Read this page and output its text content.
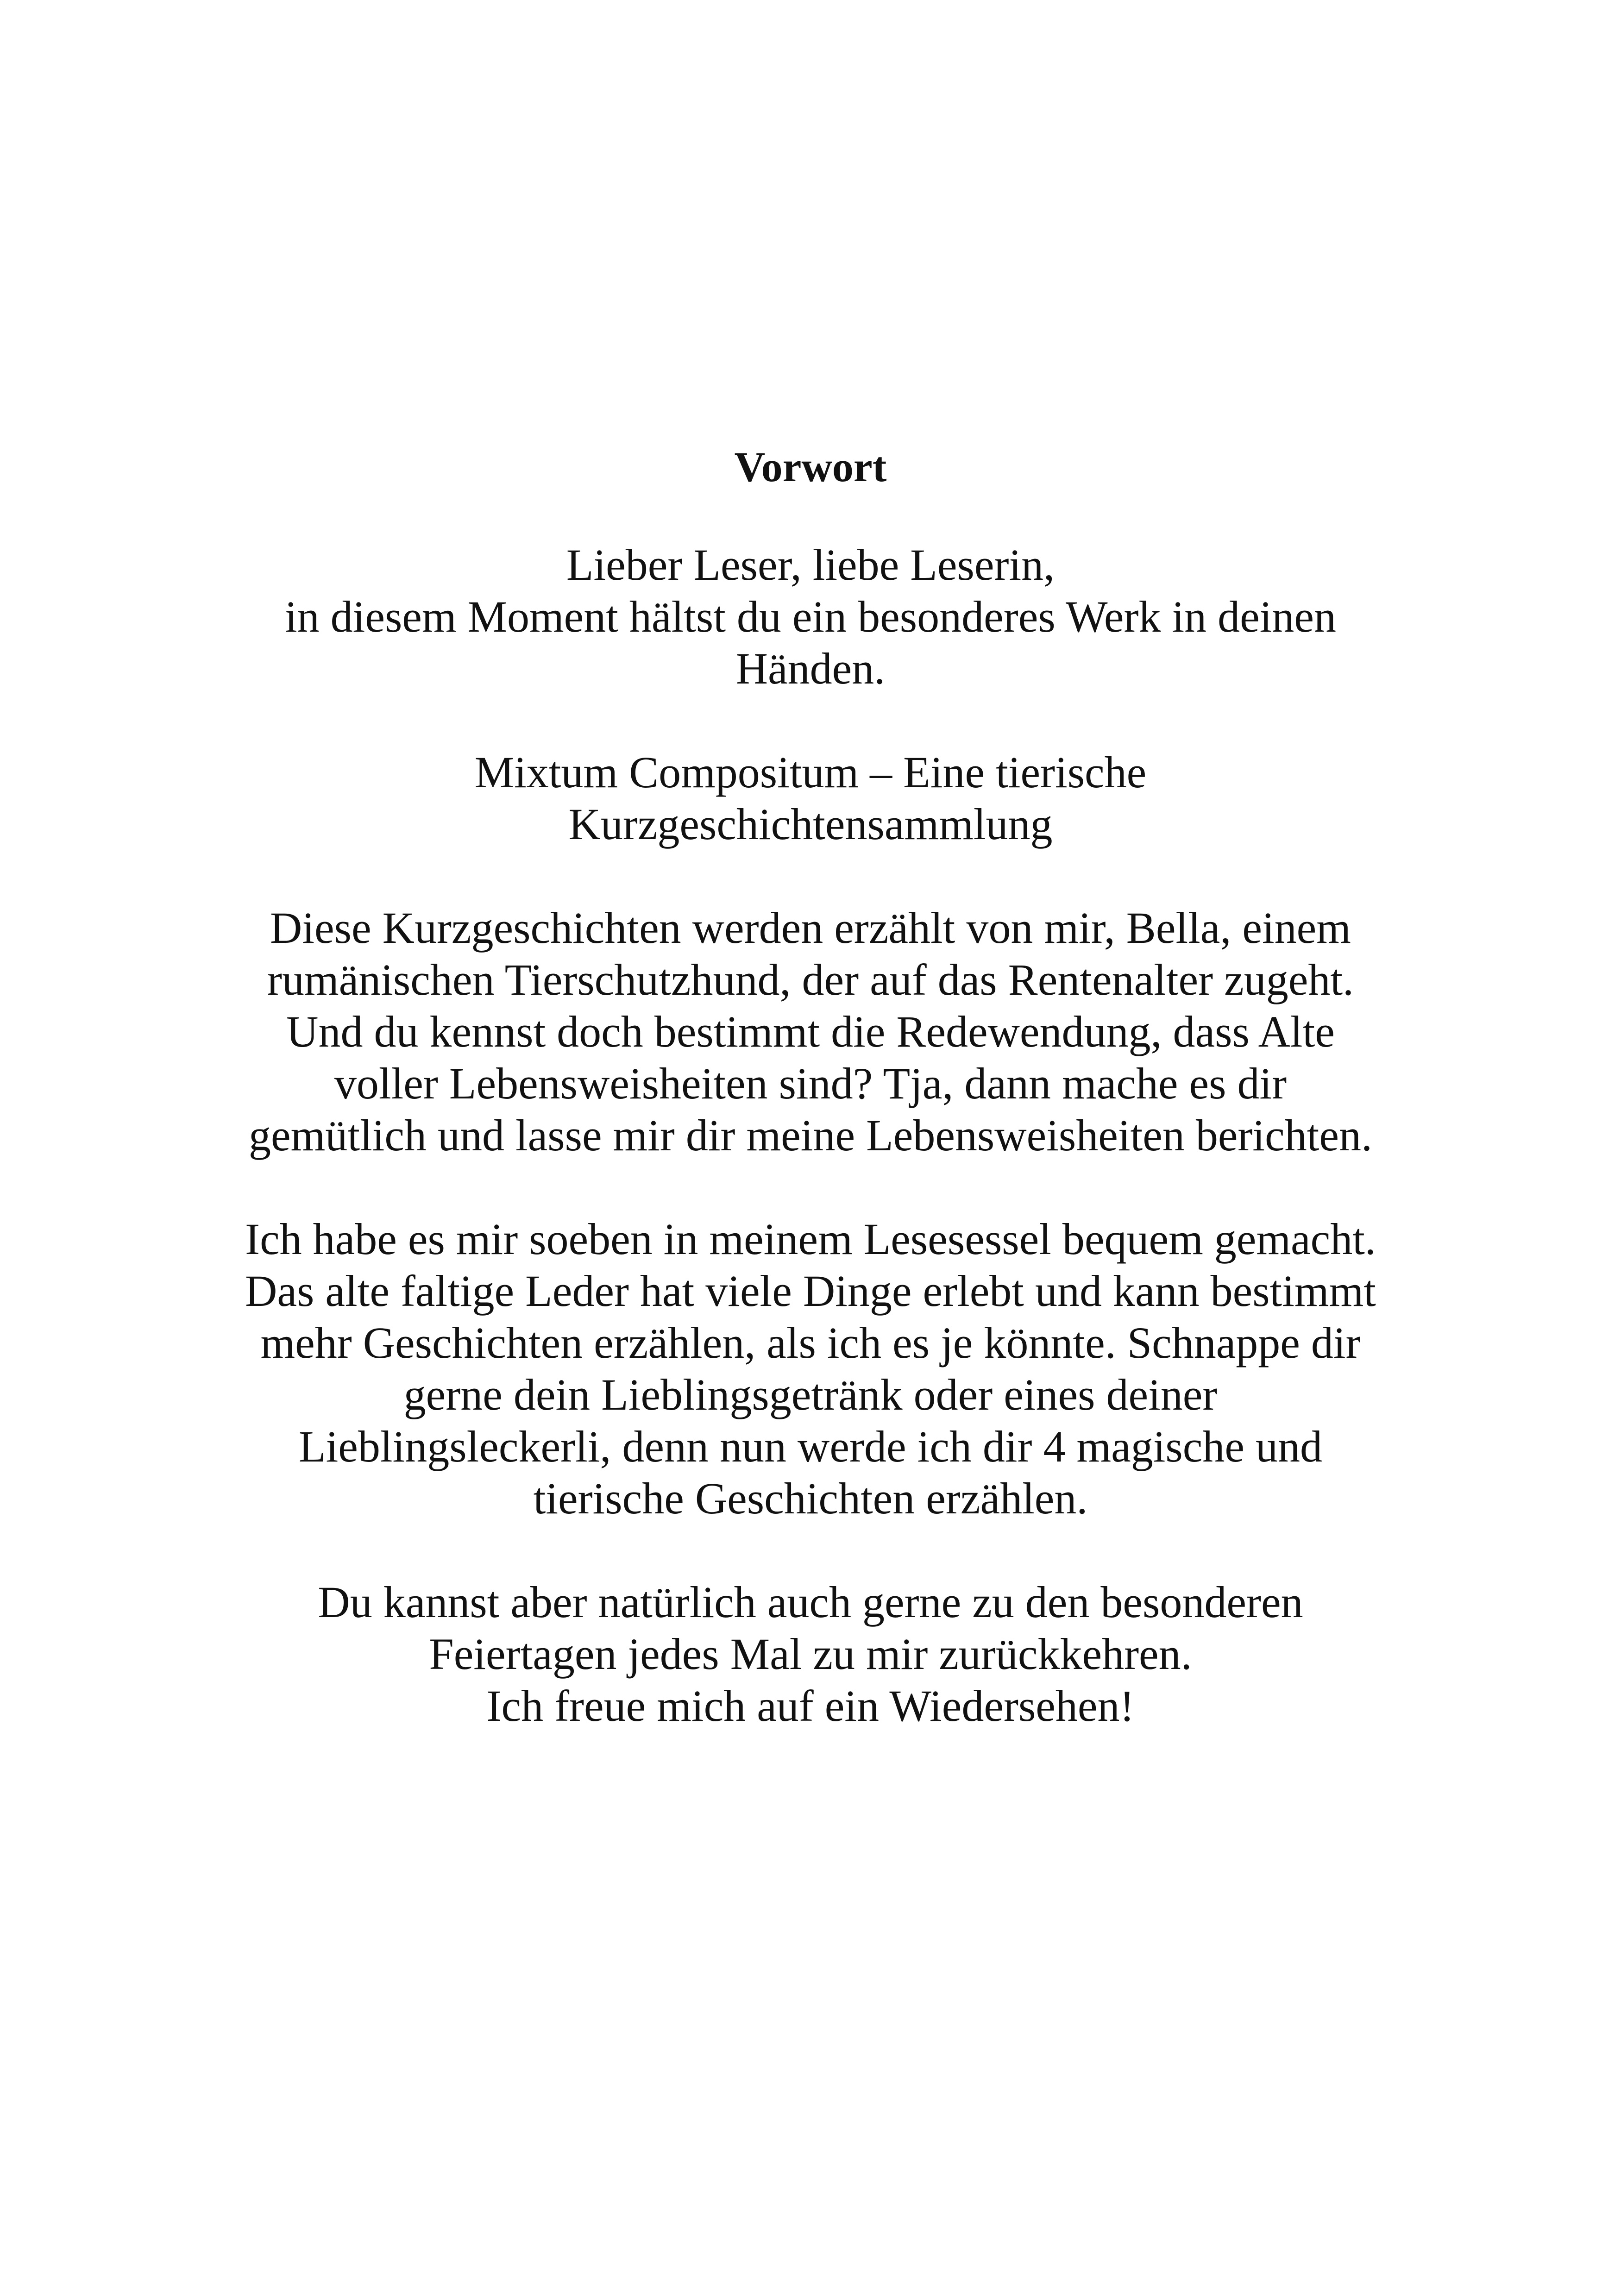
Vorwort
Lieber Leser, liebe Leserin,
in diesem Moment hältst du ein besonderes Werk in deinen
Händen.
Mixtum Compositum – Eine tierische
Kurzgeschichtensammlung
Diese Kurzgeschichten werden erzählt von mir, Bella, einem
rumänischen Tierschutzhund, der auf das Rentenalter zugeht.
Und du kennst doch bestimmt die Redewendung, dass Alte
voller Lebensweisheiten sind? Tja, dann mache es dir
gemütlich und lasse mir dir meine Lebensweisheiten berichten.
Ich habe es mir soeben in meinem Lesesessel bequem gemacht.
Das alte faltige Leder hat viele Dinge erlebt und kann bestimmt
mehr Geschichten erzählen, als ich es je könnte. Schnappe dir
gerne dein Lieblingsgetränk oder eines deiner
Lieblingsleckerli, denn nun werde ich dir 4 magische und
tierische Geschichten erzählen.
Du kannst aber natürlich auch gerne zu den besonderen
Feiertagen jedes Mal zu mir zurückkehren.
Ich freue mich auf ein Wiedersehen!
